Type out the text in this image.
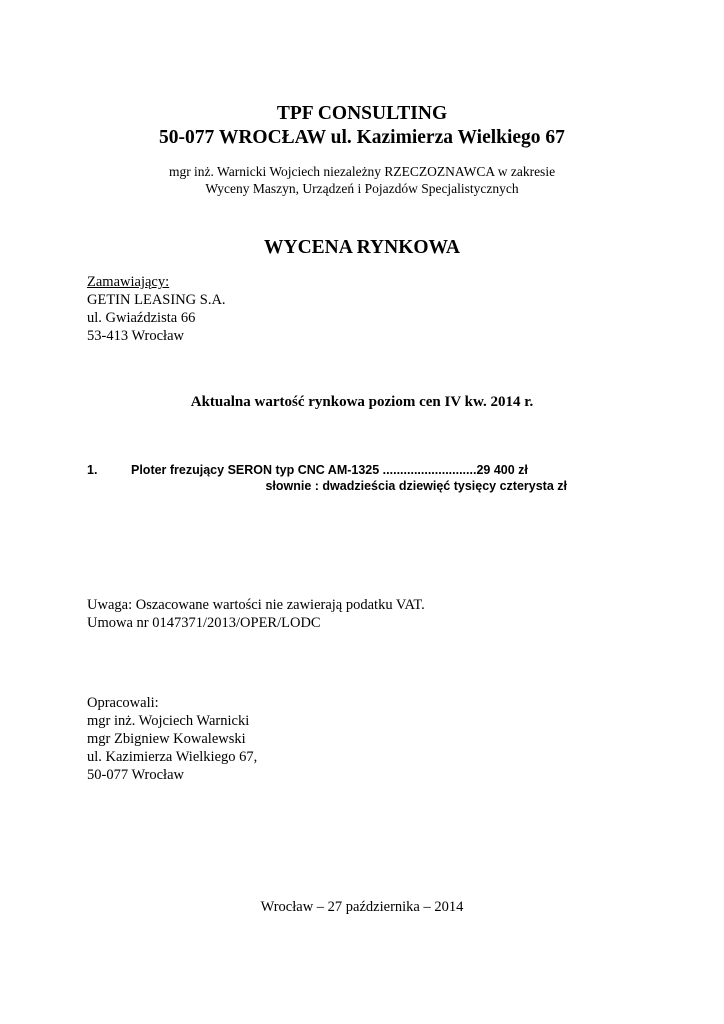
TPF CONSULTING
50-077 WROCŁAW ul. Kazimierza Wielkiego 67
mgr inż. Warnicki Wojciech niezależny RZECZOZNAWCA w zakresie
Wyceny Maszyn, Urządzeń i Pojazdów Specjalistycznych
WYCENA RYNKOWA
Zamawiający:
GETIN LEASING S.A.
ul. Gwiaździsta 66
53-413 Wrocław
Aktualna wartość rynkowa poziom cen IV kw. 2014 r.
1.	Ploter frezujący SERON typ CNC AM-1325 ...........................29 400 zł
słownie : dwadzieścia dziewięć tysięcy czterysta zł
Uwaga: Oszacowane wartości nie zawierają podatku VAT.
Umowa nr 0147371/2013/OPER/LODC
Opracowali:
mgr inż. Wojciech Warnicki
mgr Zbigniew Kowalewski
ul. Kazimierza Wielkiego 67,
50-077 Wrocław
Wrocław – 27 października – 2014
